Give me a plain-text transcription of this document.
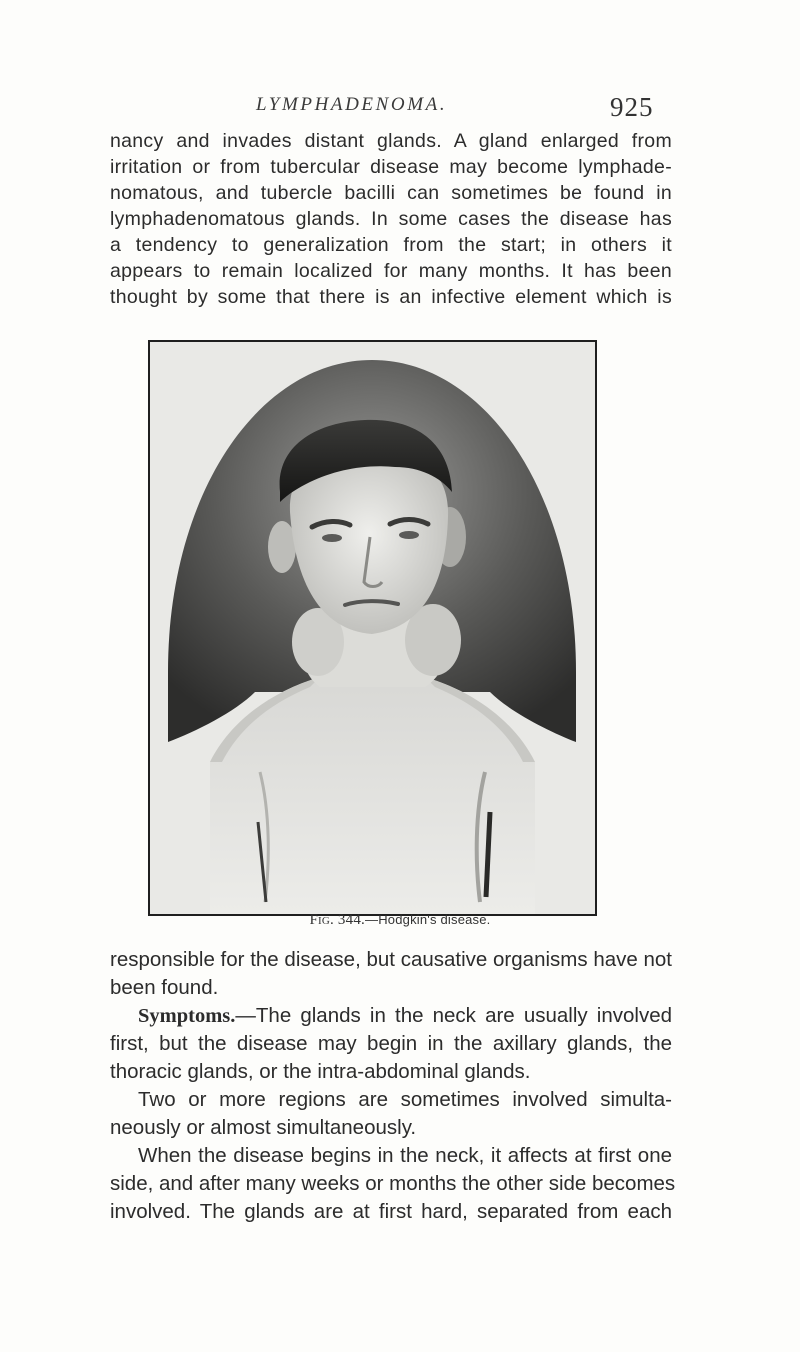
LYMPHADENOMA.	925
nancy and invades distant glands. A gland enlarged from
irritation or from tubercular disease may become lymphade-
nomatous, and tubercle bacilli can sometimes be found in
lymphadenomatous glands. In some cases the disease has
a tendency to generalization from the start; in others it
appears to remain localized for many months. It has been
thought by some that there is an infective element which is
Fig. 344.—Hodgkin's disease.
responsible for the disease, but causative organisms have not
been found.
Symptoms.—The glands in the neck are usually involved
first, but the disease may begin in the axillary glands, the
thoracic glands, or the intra-abdominal glands.
Two or more regions are sometimes involved simulta-
neously or almost simultaneously.
When the disease begins in the neck, it affects at first one
side, and after many weeks or months the other side becomes
involved. The glands are at first hard, separated from each
